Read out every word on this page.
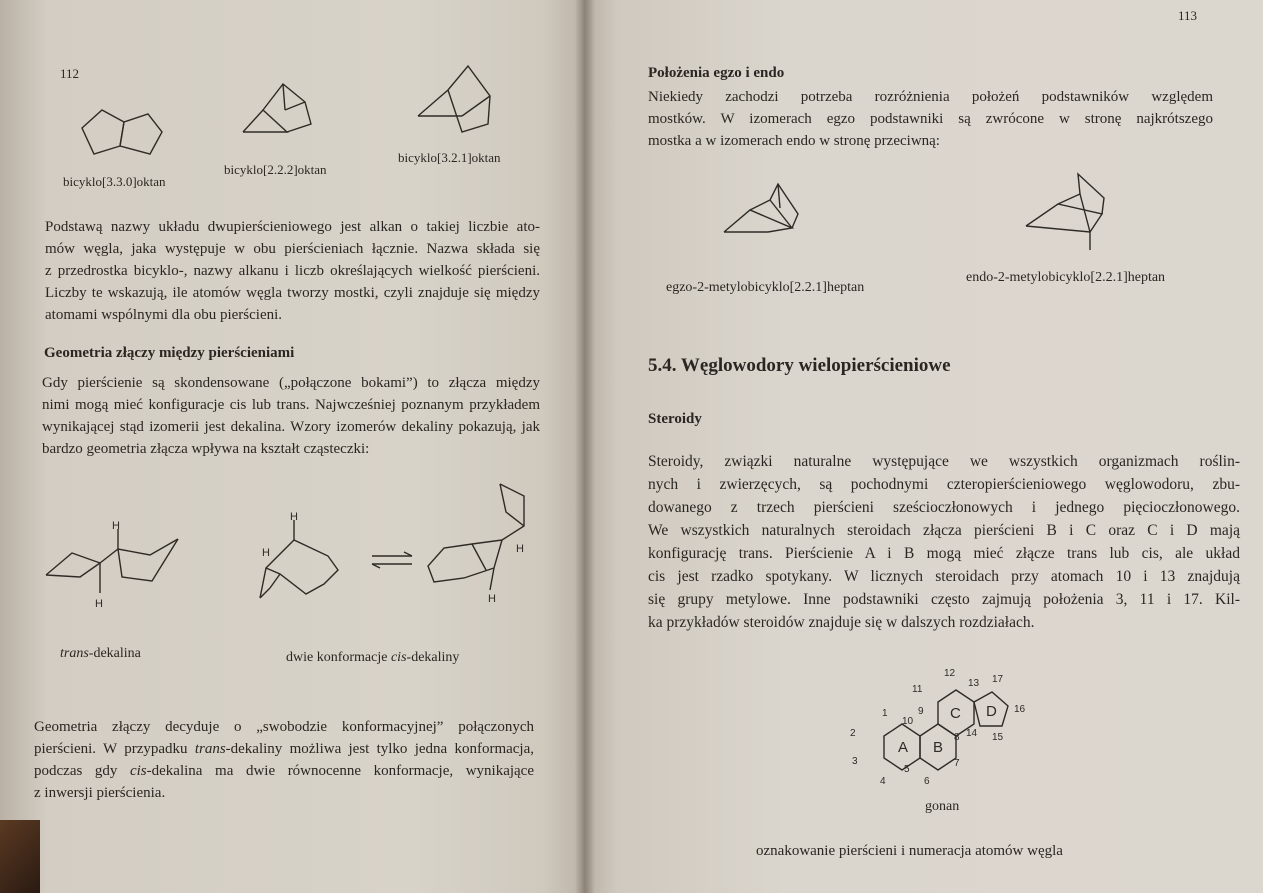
112
bicyklo[3.3.0]oktan
bicyklo[2.2.2]oktan
bicyklo[3.2.1]oktan
Podstawą nazwy układu dwupierścieniowego jest alkan o takiej liczbie ato-
mów węgla, jaka występuje w obu pierścieniach łącznie. Nazwa składa się
z przedrostka bicyklo-, nazwy alkanu i liczb określających wielkość pierścieni.
Liczby te wskazują, ile atomów węgla tworzy mostki, czyli znajduje się między
atomami wspólnymi dla obu pierścieni.
Geometria złączy między pierścieniami
Gdy pierścienie są skondensowane („połączone bokami”) to złącza między
nimi mogą mieć konfiguracje cis lub trans. Najwcześniej poznanym przykładem
wynikającej stąd izomerii jest dekalina. Wzory izomerów dekaliny pokazują, jak
bardzo geometria złącza wpływa na kształt cząsteczki:
H
H
trans-dekalina
H
H	H
H
dwie konformacje cis-dekaliny
Geometria złączy decyduje o „swobodzie konformacyjnej” połączonych
pierścieni. W przypadku trans-dekaliny możliwa jest tylko jedna konformacja,
podczas gdy cis-dekalina ma dwie równocenne konformacje, wynikające
z inwersji pierścienia.
113
Położenia egzo i endo
Niekiedy zachodzi potrzeba rozróżnienia położeń podstawników względem
mostków. W izomerach egzo podstawniki są zwrócone w stronę najkrótszego
mostka a w izomerach endo w stronę przeciwną:
egzo-2-metylobicyklo[2.2.1]heptan
endo-2-metylobicyklo[2.2.1]heptan
5.4. Węglowodory wielopierścieniowe
Steroidy
Steroidy, związki naturalne występujące we wszystkich organizmach roślin-
nych i zwierzęcych, są pochodnymi czteropierścieniowego węglowodoru, zbu-
dowanego z trzech pierścieni sześcioczłonowych i jednego pięcioczłonowego.
We wszystkich naturalnych steroidach złącza pierścieni B i C oraz C i D mają
konfigurację trans. Pierścienie A i B mogą mieć złącze trans lub cis, ale układ
cis jest rzadko spotykany. W licznych steroidach przy atomach 10 i 13 znajdują
się grupy metylowe. Inne podstawniki często zajmują położenia 3, 11 i 17. Kil-
ka przykładów steroidów znajduje się w dalszych rozdziałach.
A B
C D
1
2
3
4
5
6
7
8
9
10
11
12
13
14 15
16
17
gonan
oznakowanie pierścieni i numeracja atomów węgla
